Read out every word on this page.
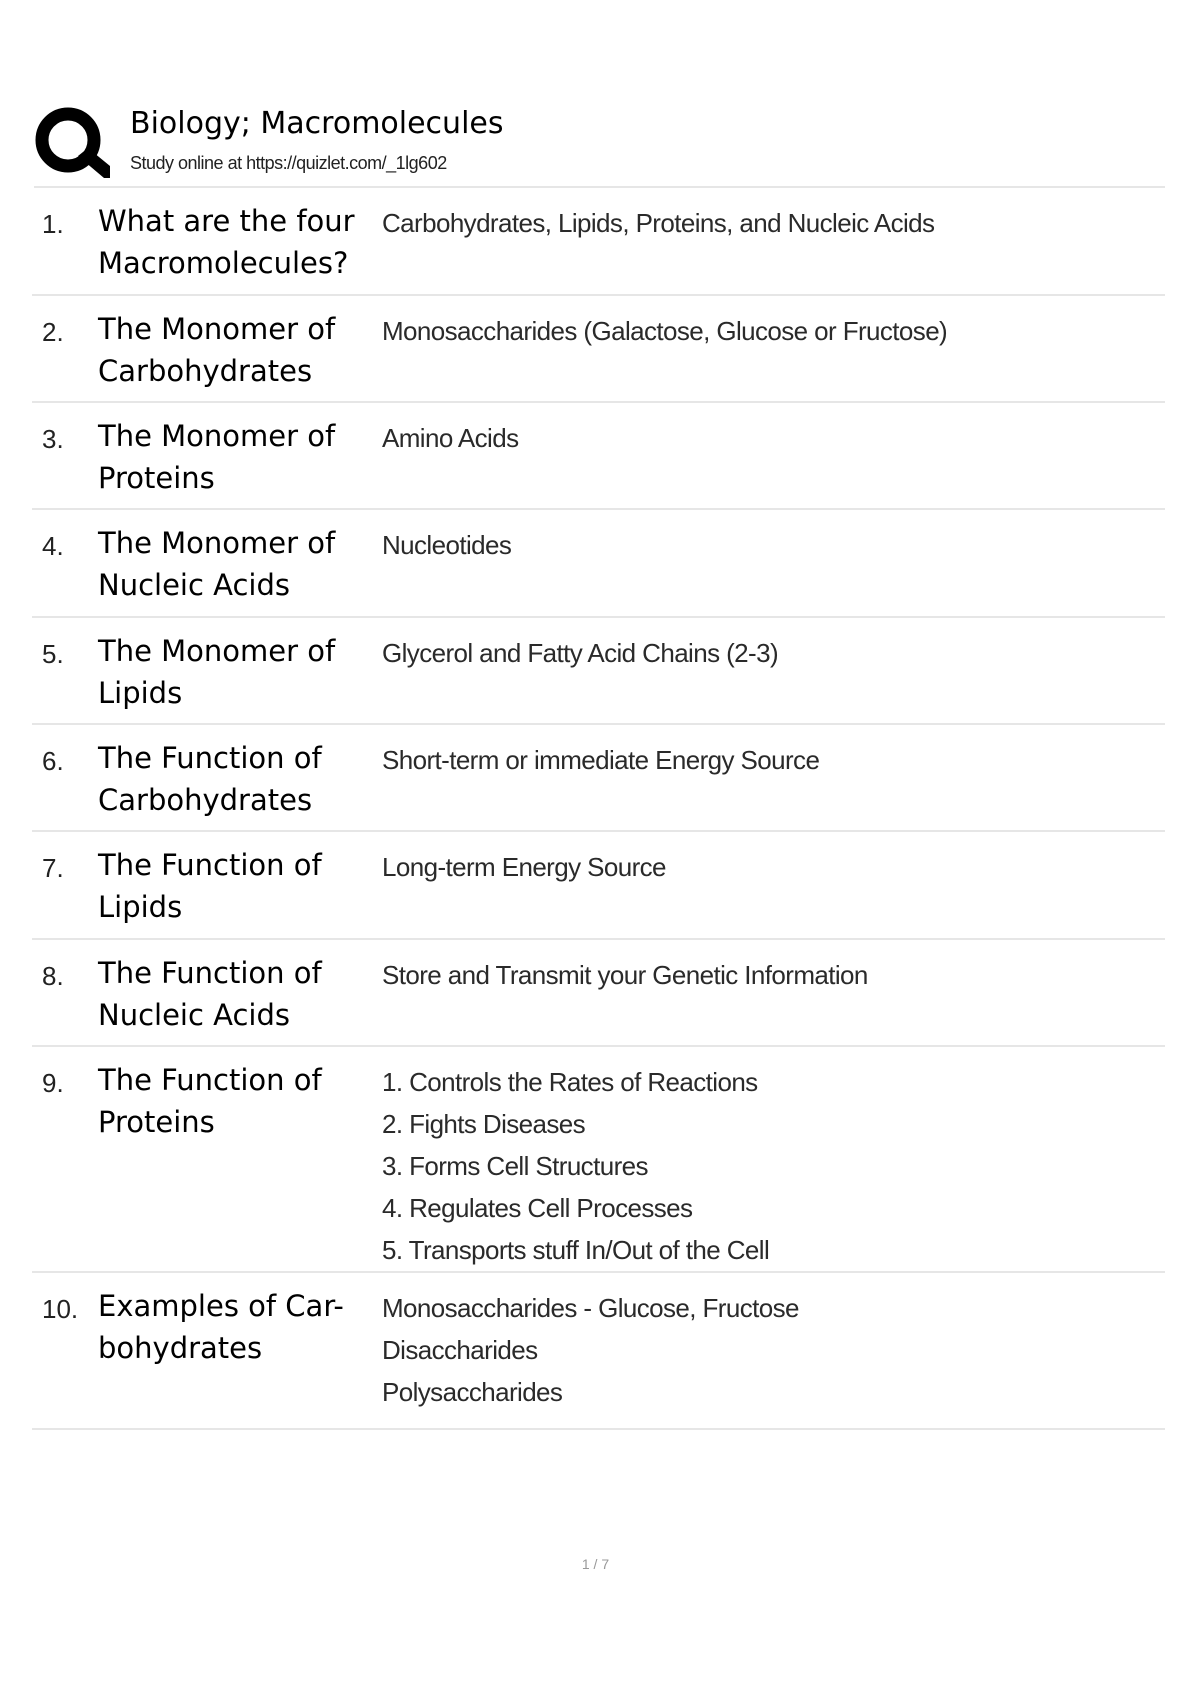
Biology; Macromolecules
Study online at https://quizlet.com/_1lg602
1. What are the four Macromolecules?
Carbohydrates, Lipids, Proteins, and Nucleic Acids
2. The Monomer of Carbohydrates
Monosaccharides (Galactose, Glucose or Fructose)
3. The Monomer of Proteins
Amino Acids
4. The Monomer of Nucleic Acids
Nucleotides
5. The Monomer of Lipids
Glycerol and Fatty Acid Chains (2-3)
6. The Function of Carbohydrates
Short-term or immediate Energy Source
7. The Function of Lipids
Long-term Energy Source
8. The Function of Nucleic Acids
Store and Transmit your Genetic Information
9. The Function of Proteins
1. Controls the Rates of Reactions
2. Fights Diseases
3. Forms Cell Structures
4. Regulates Cell Processes
5. Transports stuff In/Out of the Cell
10. Examples of Car-bohydrates
Monosaccharides - Glucose, Fructose
Disaccharides
Polysaccharides
1 / 7
